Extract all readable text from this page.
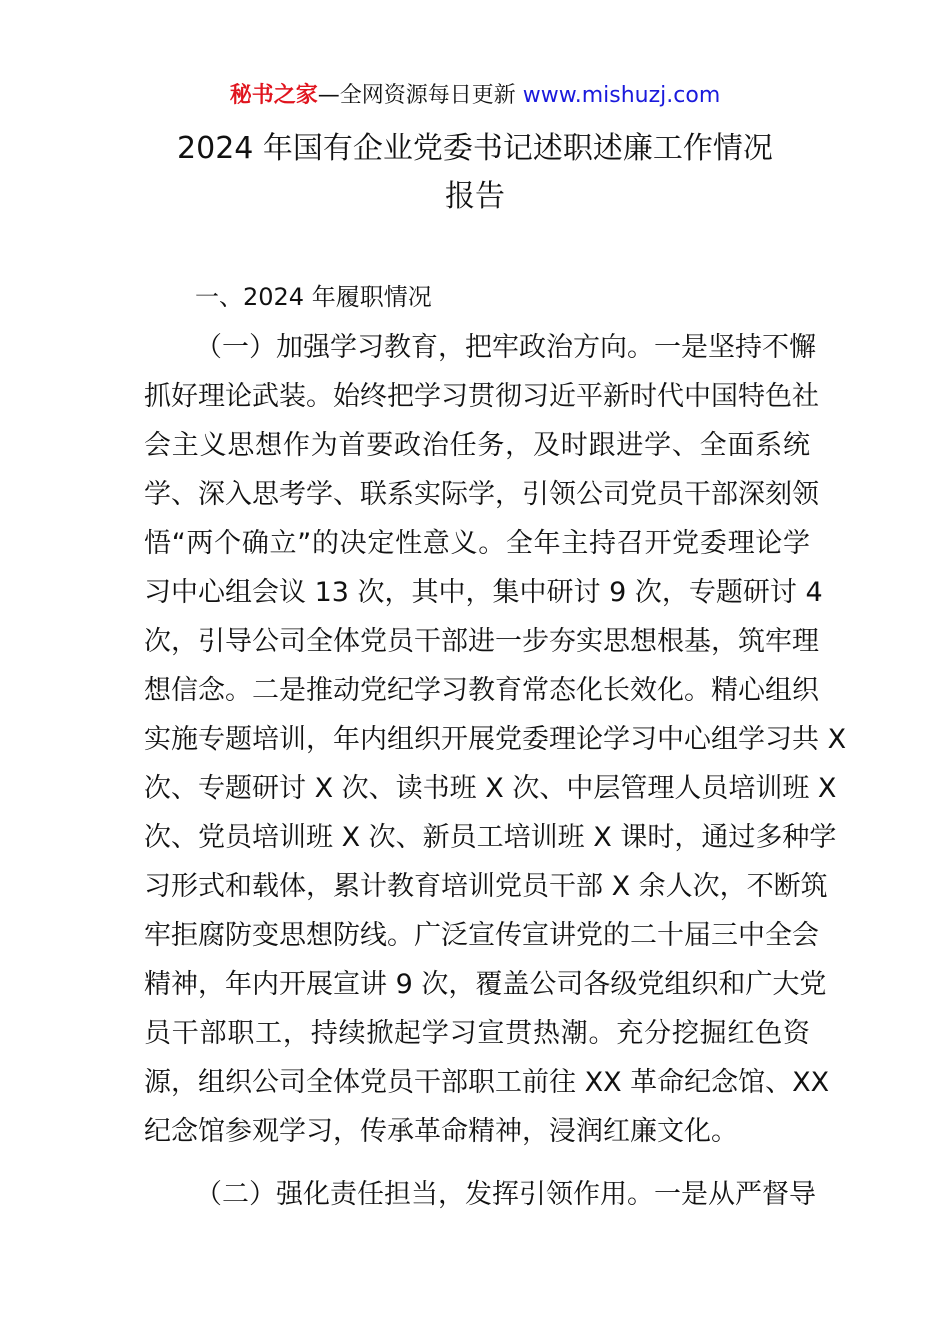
秘书之家—全网资源每日更新 www.mishuzj.com
2024 年国有企业党委书记述职述廉工作情况
报告
一、2024 年履职情况
（一）加强学习教育，把牢政治方向。一是坚持不懈
抓好理论武装。始终把学习贯彻习近平新时代中国特色社
会主义思想作为首要政治任务，及时跟进学、全面系统
学、深入思考学、联系实际学，引领公司党员干部深刻领
悟“两个确立”的决定性意义。全年主持召开党委理论学
习中心组会议 13 次，其中，集中研讨 9 次，专题研讨 4
次，引导公司全体党员干部进一步夯实思想根基，筑牢理
想信念。二是推动党纪学习教育常态化长效化。精心组织
实施专题培训，年内组织开展党委理论学习中心组学习共 X
次、专题研讨 X 次、读书班 X 次、中层管理人员培训班 X
次、党员培训班 X 次、新员工培训班 X 课时，通过多种学
习形式和载体，累计教育培训党员干部 X 余人次，不断筑
牢拒腐防变思想防线。广泛宣传宣讲党的二十届三中全会
精神，年内开展宣讲 9 次，覆盖公司各级党组织和广大党
员干部职工，持续掀起学习宣贯热潮。充分挖掘红色资
源，组织公司全体党员干部职工前往 XX 革命纪念馆、XX
纪念馆参观学习，传承革命精神，浸润红廉文化。
（二）强化责任担当，发挥引领作用。一是从严督导
